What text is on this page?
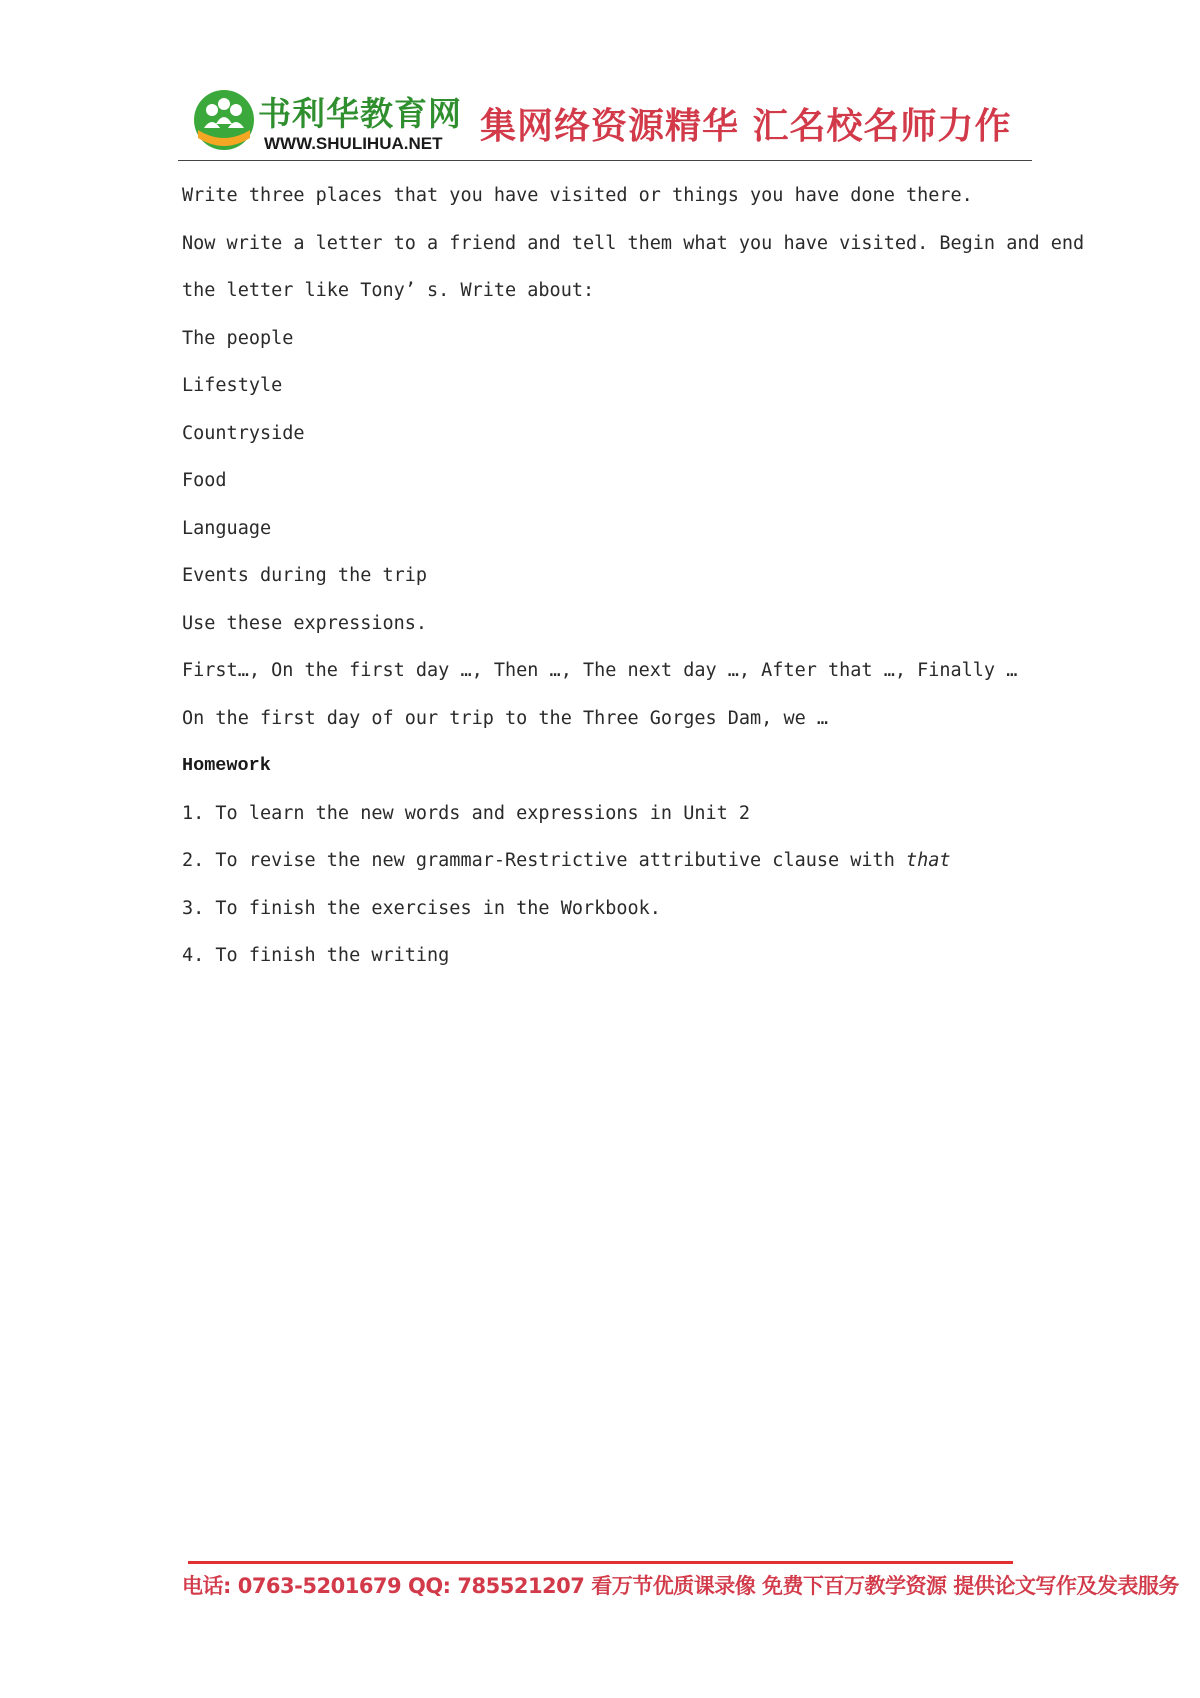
书利华教育网
WWW.SHULIHUA.NET 集网络资源精华 汇名校名师力作
Write three places that you have visited or things you have done there.
Now write a letter to a friend and tell them what you have visited. Begin and end
the letter like Tony’ s. Write about:
The people
Lifestyle
Countryside
Food
Language
Events during the trip
Use these expressions.
First…, On the first day …, Then …, The next day …, After that …, Finally …
On the first day of our trip to the Three Gorges Dam, we …
Homework
1. To learn the new words and expressions in Unit 2
2. To revise the new grammar-Restrictive attributive clause with that
3. To finish the exercises in the Workbook.
4. To finish the writing
电话: 0763-5201679 QQ: 785521207 看万节优质课录像 免费下百万教学资源 提供论文写作及发表服务
